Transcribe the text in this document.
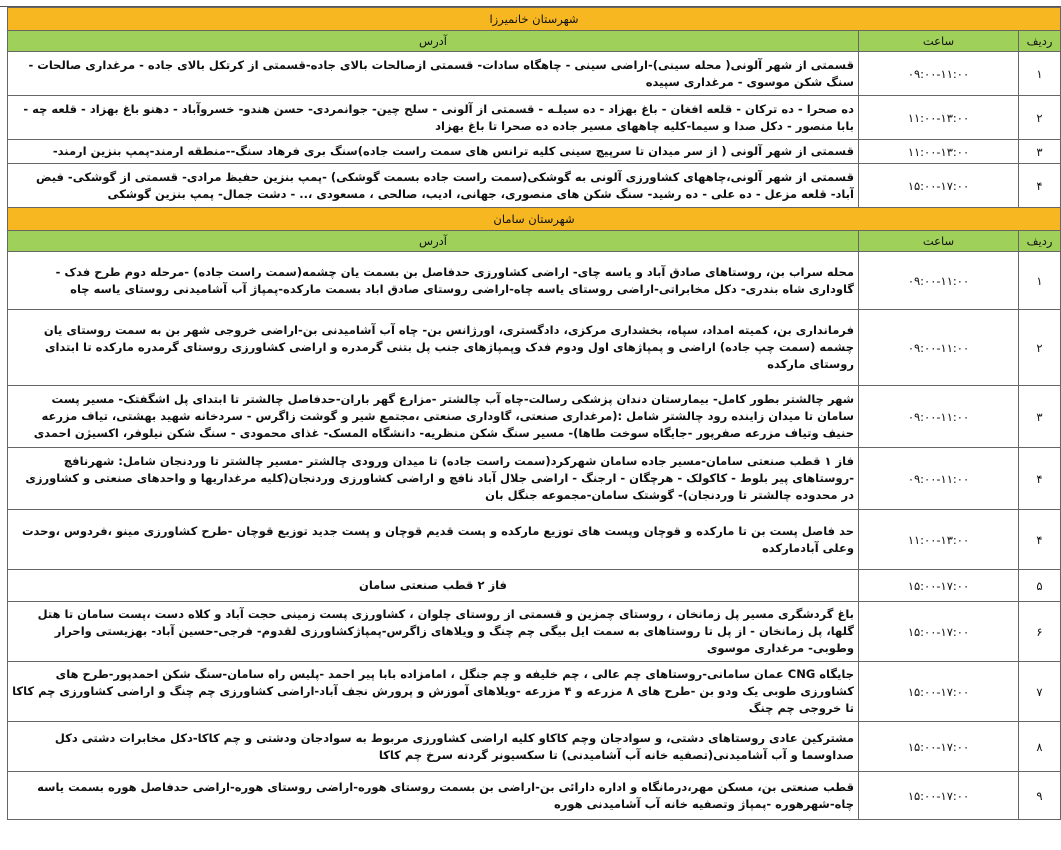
شهرستان خانمیرزا		
ردیف	ساعت	آدرس
۱	۰۹:۰۰-۱۱:۰۰	قسمتی از شهر آلونی( محله سینی)-اراضی سینی - چاهگاه سادات- قسمتی ازصالحات بالای جاده-قسمتی از کرتکل بالای جاده - مرغداری صالحات - سنگ شکن موسوی - مرغداری سپیده

۲	۱۱:۰۰-۱۳:۰۰	ده صحرا - ده ترکان - قلعه افغان - باغ بهزاد - ده سیلـه - قسمتی از آلونی - سلح چین- جوانمردی- حسن هندو- خسروآباد - دهنو باغ بهزاد - قلعه چه - بابا منصور - دکل صدا و سیما-کلیه چاههای مسیر جاده ده صحرا تا باغ بهزاد

۳	۱۱:۰۰-۱۳:۰۰	قسمتی از شهر آلونی ( از سر میدان تا سرپیچ سینی کلیه ترانس های سمت راست جاده)سنگ بری فرهاد سنگ--منطقه ارمند-پمپ بنزین ارمند-

۴	۱۵:۰۰-۱۷:۰۰	قسمتی از شهر آلونی،چاههای کشاورزی آلونی به گوشکی(سمت راست جاده بسمت گوشکی) -پمپ بنزین حفیظ مرادی- قسمتی از گوشکی- فیض آباد- قلعه مزعل - ده علی - ده رشید- سنگ شکن های منصوری، جهانی، ادیب، صالحی ، مسعودی ،.. - دشت جمال- پمپ بنزین گوشکی

شهرستان سامان		
ردیف	ساعت	آدرس
۱	۰۹:۰۰-۱۱:۰۰	محله سراب بن، روستاهای صادق آباد و یاسه چای- اراضی کشاورزی حدفاصل بن بسمت یان چشمه(سمت راست جاده) -مرحله دوم طرح فدک - گاوداری شاه بندری- دکل مخابراتی-اراضی روستای یاسه چاه-اراضی روستای صادق اباد بسمت مارکده-پمپاژ آب آشامیدنی روستای یاسه چاه

۲	۰۹:۰۰-۱۱:۰۰	فرمانداری بن، کمیته امداد، سپاه، بخشداری مرکزی، دادگستری، اورژانس بن- چاه آب آشامیدنی بن-اراضی خروجی شهر بن به سمت روستای یان چشمه (سمت چپ جاده) اراضی و پمپاژهای اول ودوم فدک وپمپاژهای جنب پل بتنی گرمدره و اراضی کشاورزی روستای گرمدره مارکده تا ابتدای روستای مارکده

۳	۰۹:۰۰-۱۱:۰۰	شهر چالشتر بطور کامل- بیمارستان دندان پزشکی رسالت-چاه آب چالشتر -مزارع گهر باران-حدفاصل چالشتر تا ابتدای پل اشگفتک- مسیر پست سامان تا میدان زاینده رود چالشتر شامل :(مرغداری صنعتی، گاوداری صنعتی ،مجتمع شیر و گوشت زاگرس - سردخانه شهید بهشتی، تیاف مزرعه حنیف وتیاف مزرعه صفرپور -جایگاه سوخت طاها)- مسیر سنگ شکن منظریه- دانشگاه المسک- غذای محمودی - سنگ شکن نیلوفر، اکسیژن احمدی

۴	۰۹:۰۰-۱۱:۰۰	فاز ۱ قطب صنعتی سامان-مسیر جاده سامان شهرکرد(سمت راست جاده) تا میدان ورودی چالشتر -مسیر چالشتر تا وردنجان شامل: شهرنافچ -روستاهای پیر بلوط - کاکولک - هرچگان - ارجنگ - اراضی جلال آباد نافچ و اراضی کشاورزی وردنجان(کلیه مرغداریها و واحدهای صنعتی و کشاورزی در محدوده چالشتر تا وردنجان)- گوشتک سامان-مجموعه جنگل بان

۴	۱۱:۰۰-۱۳:۰۰	حد فاصل پست بن تا مارکده و قوچان وپست های توزیع مارکده و پست قدیم قوچان و پست جدید توزیع قوچان -طرح کشاورزی مینو ،فردوس ،وحدت وعلی آبادمارکده

۵	۱۵:۰۰-۱۷:۰۰	فاز ۲ قطب صنعتی سامان

۶	۱۵:۰۰-۱۷:۰۰	باغ گردشگری مسیر پل زمانخان ، روستای چمزین و قسمتی از روستای چلوان ، کشاورزی پست زمینی حجت آباد و کلاه دست ،پست سامان تا هتل گلها، پل زمانخان - از پل تا روستاهای به سمت ایل بیگی چم چنگ و ویلاهای زاگرس-پمپاژکشاورزی لقدوم- فرجی-حسین آباد- بهزیستی واحرار وطوبی- مرغداری موسوی

۷	۱۵:۰۰-۱۷:۰۰	جایگاه CNG عمان سامانی-روستاهای چم عالی ، چم خلیفه و چم جنگل ، امامزاده بابا پیر احمد -پلیس راه سامان-سنگ شکن احمدپور-طرح های کشاورزی طوبی یک ودو بن -طرح های ۸ مزرعه و ۴ مزرعه -ویلاهای آموزش و پرورش نجف آباد-اراضی کشاورزی چم چنگ و اراضی کشاورزی چم کاکا تا خروجی چم چنگ

۸	۱۵:۰۰-۱۷:۰۰	مشترکین عادی روستاهای دشتی، و سوادجان وچم کاکاو کلیه اراضی کشاورزی مربوط به سوادجان ودشتی و چم کاکا-دکل مخابرات دشتی دکل صداوسما و آب آشامیدنی(تصفیه خانه آب آشامیدنی) تا سکسیونر گردنه سرخ چم کاکا

۹	۱۵:۰۰-۱۷:۰۰	قطب صنعتی بن، مسکن مهر،درمانگاه و اداره دارائی بن-اراضی بن بسمت روستای هوره-اراضی روستای هوره-اراضی حدفاصل هوره بسمت یاسه چاه-شهرهوره -پمپاژ وتصفیه خانه آب آشامیدنی هوره
